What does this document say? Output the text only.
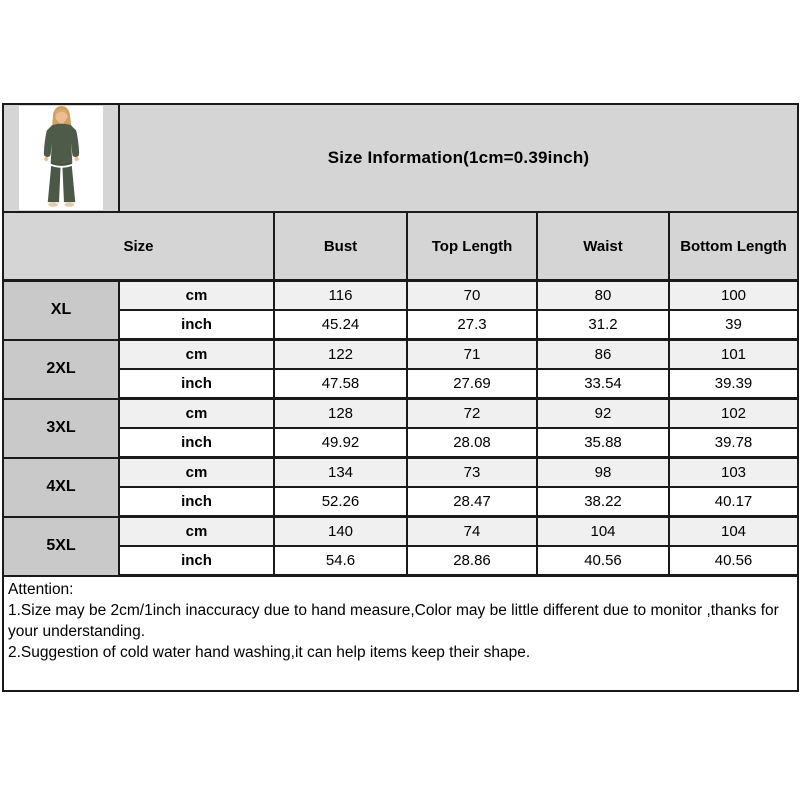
	Size Information(1cm=0.39inch)				
Size		Bust	Top Length	Waist	Bottom Length
XL	cm	116	70	80	100
	inch	45.24	27.3	31.2	39
2XL	cm	122	71	86	101
	inch	47.58	27.69	33.54	39.39
3XL	cm	128	72	92	102
	inch	49.92	28.08	35.88	39.78
4XL	cm	134	73	98	103
	inch	52.26	28.47	38.22	40.17
5XL	cm	140	74	104	104
	inch	54.6	28.86	40.56	40.56

Attention:
1.Size may be 2cm/1inch inaccuracy due to hand measure,Color may be little different due to monitor ,thanks for your understanding.
2.Suggestion of cold water hand washing,it can help items keep their shape.					
